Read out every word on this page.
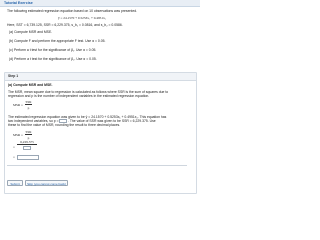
Tutorial Exercise
The following estimated regression equation based on 10 observations was presented.
ŷ = 24.1570 + 0.5253x₁ + 0.4951x₂
Here, SST = 6,739.125, SSR = 6,229.375, s_b₁ = 0.0816, and s_b₂ = 0.0586.
(a) Compute MSR and MSE.
(b) Compute F and perform the appropriate F test. Use α = 0.05.
(c) Perform a t test for the significance of β₁. Use α = 0.05.
(d) Perform a t test for the significance of β₂. Use α = 0.05.
Step 1
(a) Compute MSR and MSE.
The MSR, mean square due to regression is calculated as follows where SSR is the sum of squares due to
regression and p is the number of independent variables in the estimated regression equation.
MSR =
SSR
p
The estimated regression equation was given to be ŷ = 24.1570 + 0.5253x₁ + 0.4951x₂. This equation has
two independent variables, so p =	. The value of SSR was given to be SSR = 6,229.375. Use
these to find the value of MSR, rounding the result to three decimal places.
MSR =
SSR
p
=
6,229.375
=
Submit	Skip (you cannot come back)
